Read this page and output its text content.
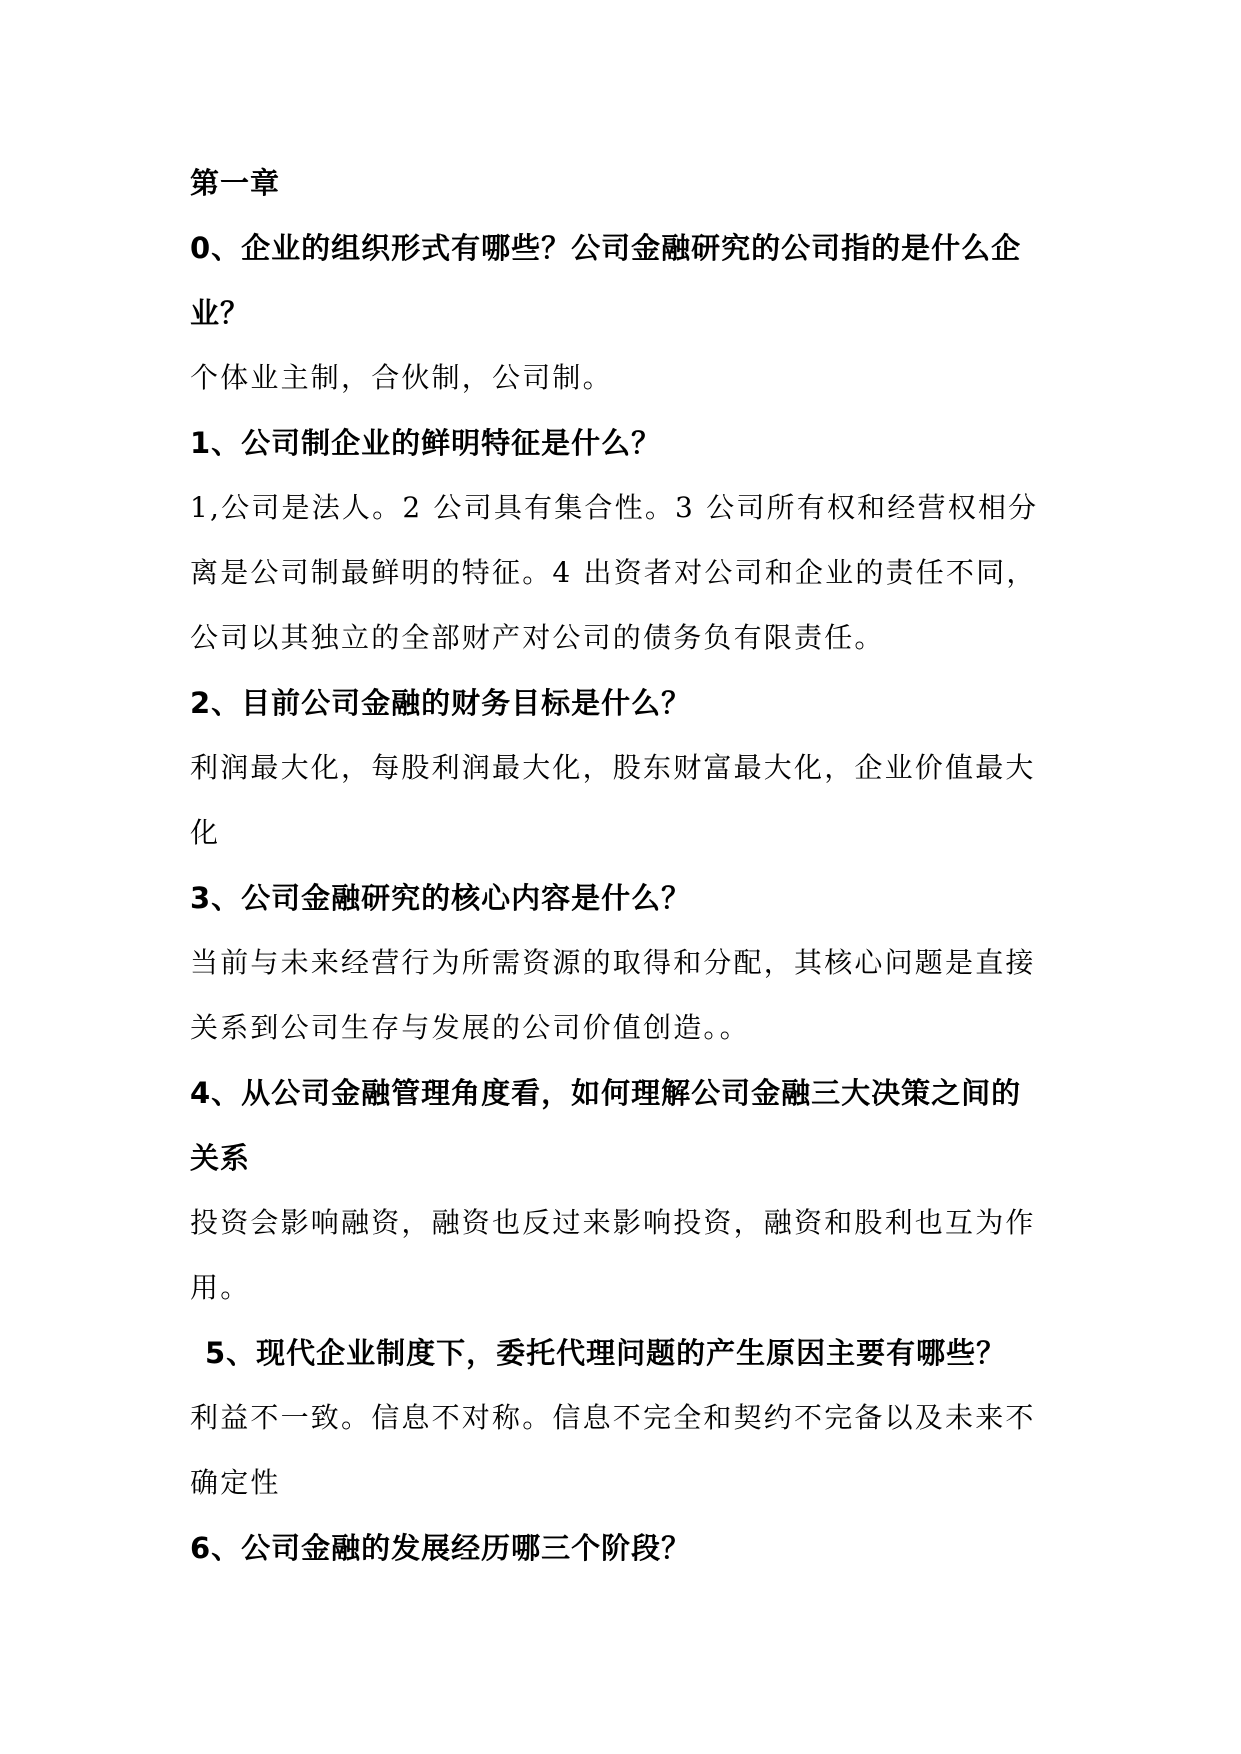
第一章

0、企业的组织形式有哪些？公司金融研究的公司指的是什么企

业？

个体业主制，合伙制，公司制。

1、公司制企业的鲜明特征是什么？

1,公司是法人。2 公司具有集合性。3 公司所有权和经营权相分

离是公司制最鲜明的特征。4 出资者对公司和企业的责任不同，

公司以其独立的全部财产对公司的债务负有限责任。

2、目前公司金融的财务目标是什么？

利润最大化，每股利润最大化，股东财富最大化，企业价值最大

化

3、公司金融研究的核心内容是什么？

当前与未来经营行为所需资源的取得和分配，其核心问题是直接

关系到公司生存与发展的公司价值创造。。

4、从公司金融管理角度看，如何理解公司金融三大决策之间的

关系

投资会影响融资，融资也反过来影响投资，融资和股利也互为作

用。

5、现代企业制度下，委托代理问题的产生原因主要有哪些？

利益不一致。信息不对称。信息不完全和契约不完备以及未来不

确定性

6、公司金融的发展经历哪三个阶段？
